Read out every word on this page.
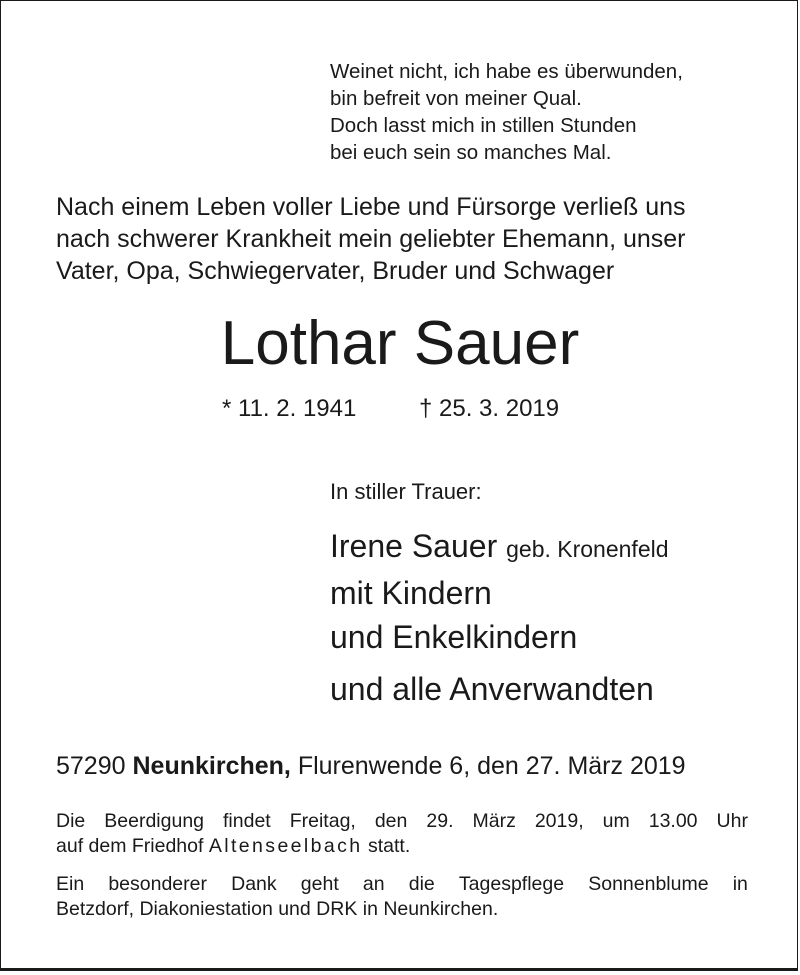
Weinet nicht, ich habe es überwunden,
bin befreit von meiner Qual.
Doch lasst mich in stillen Stunden
bei euch sein so manches Mal.
Nach einem Leben voller Liebe und Fürsorge verließ uns
nach schwerer Krankheit mein geliebter Ehemann, unser
Vater, Opa, Schwiegervater, Bruder und Schwager
Lothar Sauer
* 11. 2. 1941	† 25. 3. 2019
In stiller Trauer:
Irene Sauer geb. Kronenfeld
mit Kindern
und Enkelkindern
und alle Anverwandten
57290 Neunkirchen, Flurenwende 6, den 27. März 2019
Die Beerdigung findet Freitag, den 29. März 2019, um 13.00 Uhr
auf dem Friedhof Altenseelbach statt.
Ein besonderer Dank geht an die Tagespflege Sonnenblume in
Betzdorf, Diakoniestation und DRK in Neunkirchen.
